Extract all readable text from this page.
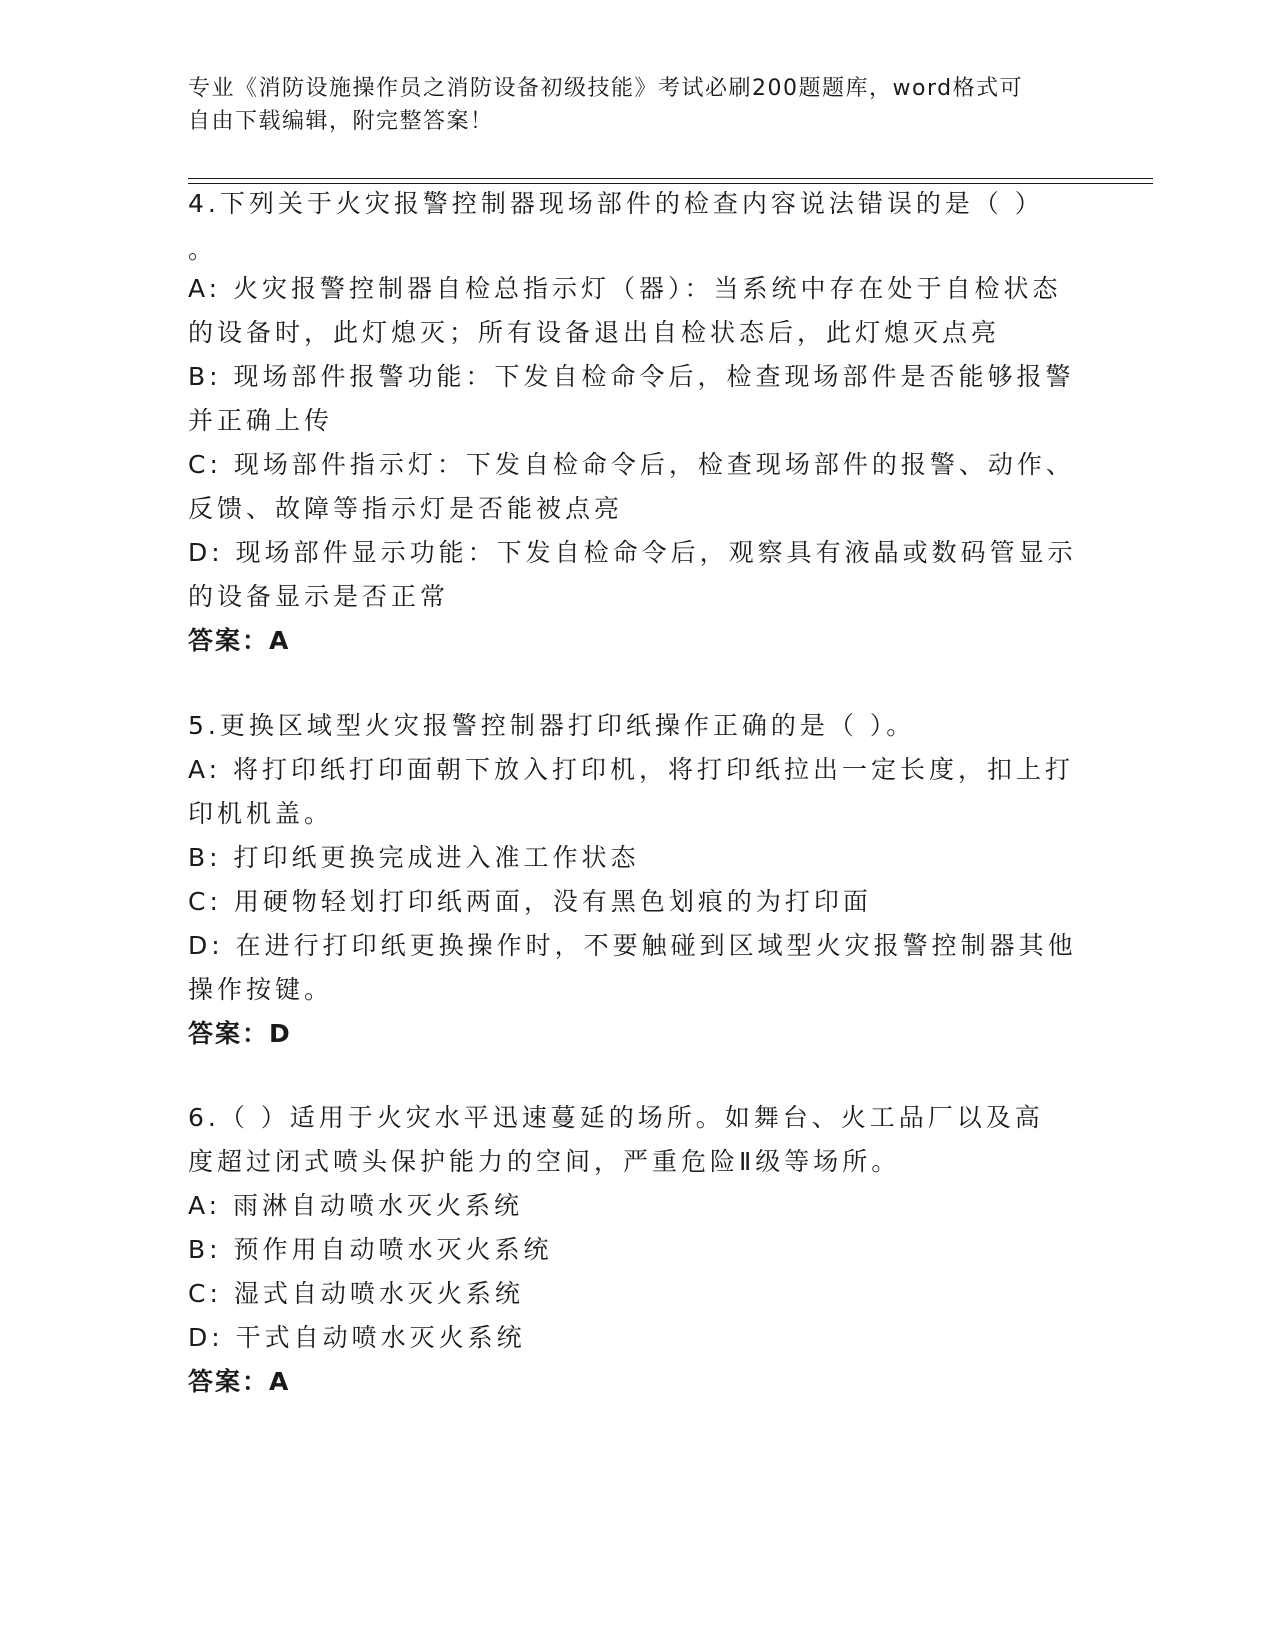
专业《消防设施操作员之消防设备初级技能》考试必刷200题题库，word格式可
自由下载编辑，附完整答案！
4.下列关于火灾报警控制器现场部件的检查内容说法错误的是（ ）
。
A: 火灾报警控制器自检总指示灯（器）：当系统中存在处于自检状态
的设备时，此灯熄灭；所有设备退出自检状态后，此灯熄灭点亮
B: 现场部件报警功能：下发自检命令后，检查现场部件是否能够报警
并正确上传
C: 现场部件指示灯：下发自检命令后，检查现场部件的报警、动作、
反馈、故障等指示灯是否能被点亮
D: 现场部件显示功能：下发自检命令后，观察具有液晶或数码管显示
的设备显示是否正常
答案：A
5.更换区域型火灾报警控制器打印纸操作正确的是（ ）。
A: 将打印纸打印面朝下放入打印机，将打印纸拉出一定长度，扣上打
印机机盖。
B: 打印纸更换完成进入准工作状态
C: 用硬物轻划打印纸两面，没有黑色划痕的为打印面
D: 在进行打印纸更换操作时，不要触碰到区域型火灾报警控制器其他
操作按键。
答案：D
6.（ ）适用于火灾水平迅速蔓延的场所。如舞台、火工品厂以及高
度超过闭式喷头保护能力的空间，严重危险Ⅱ级等场所。
A: 雨淋自动喷水灭火系统
B: 预作用自动喷水灭火系统
C: 湿式自动喷水灭火系统
D: 干式自动喷水灭火系统
答案：A
